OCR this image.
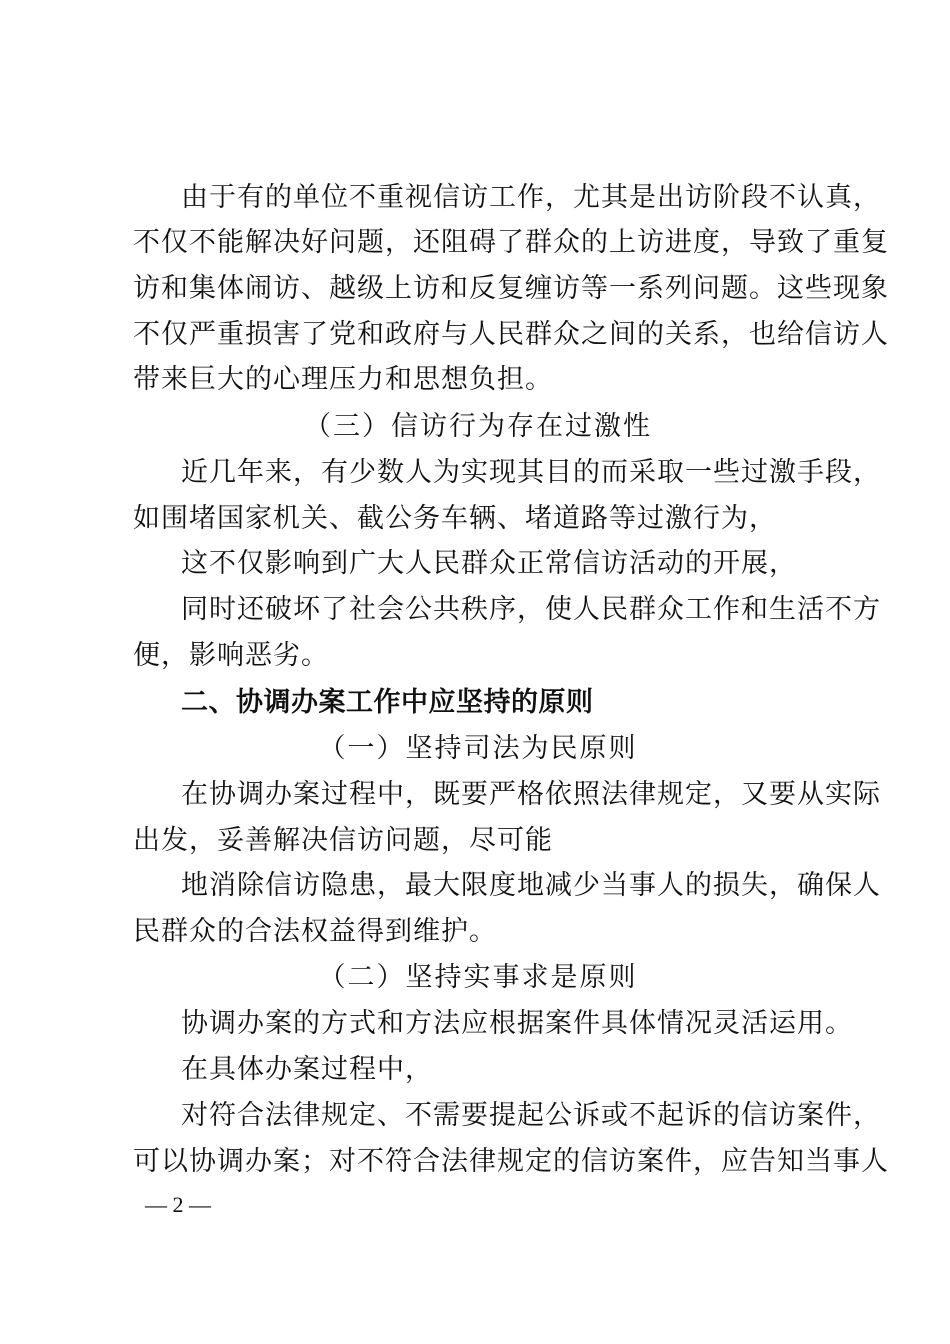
由于有的单位不重视信访工作，尤其是出访阶段不认真，
不仅不能解决好问题，还阻碍了群众的上访进度，导致了重复
访和集体闹访、越级上访和反复缠访等一系列问题。这些现象
不仅严重损害了党和政府与人民群众之间的关系，也给信访人
带来巨大的心理压力和思想负担。
（三）信访行为存在过激性
近几年来，有少数人为实现其目的而采取一些过激手段，
如围堵国家机关、截公务车辆、堵道路等过激行为，
这不仅影响到广大人民群众正常信访活动的开展，
同时还破坏了社会公共秩序，使人民群众工作和生活不方
便，影响恶劣。
二、协调办案工作中应坚持的原则
（一）坚持司法为民原则
在协调办案过程中，既要严格依照法律规定，又要从实际
出发，妥善解决信访问题，尽可能
地消除信访隐患，最大限度地减少当事人的损失，确保人
民群众的合法权益得到维护。
（二）坚持实事求是原则
协调办案的方式和方法应根据案件具体情况灵活运用。
在具体办案过程中，
对符合法律规定、不需要提起公诉或不起诉的信访案件，
可以协调办案；对不符合法律规定的信访案件，应告知当事人
— 2 —
